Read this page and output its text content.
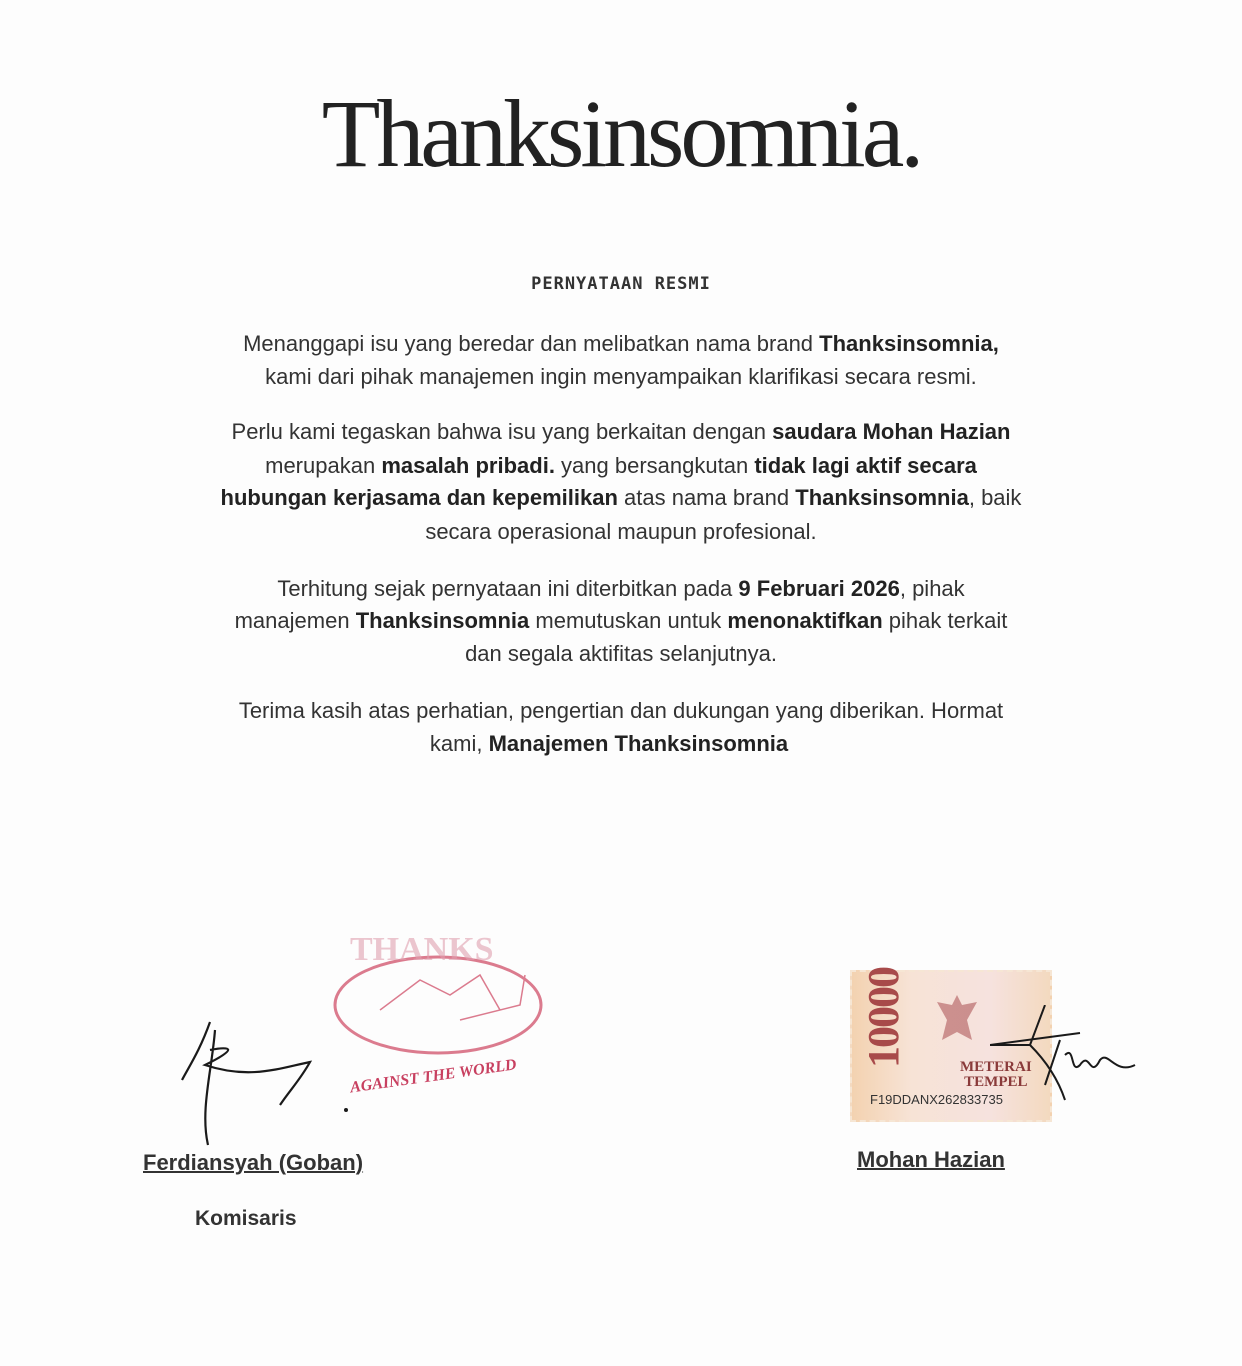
Thanksinsomnia.
PERNYATAAN RESMI
Menanggapi isu yang beredar dan melibatkan nama brand Thanksinsomnia,
kami dari pihak manajemen ingin menyampaikan klarifikasi secara resmi.
Perlu kami tegaskan bahwa isu yang berkaitan dengan saudara Mohan Hazian
merupakan masalah pribadi. yang bersangkutan tidak lagi aktif secara
hubungan kerjasama dan kepemilikan atas nama brand Thanksinsomnia, baik
secara operasional maupun profesional.
Terhitung sejak pernyataan ini diterbitkan pada 9 Februari 2026, pihak
manajemen Thanksinsomnia memutuskan untuk menonaktifkan pihak terkait
dan segala aktifitas selanjutnya.
Terima kasih atas perhatian, pengertian dan dukungan yang diberikan. Hormat
kami, Manajemen Thanksinsomnia
THANKS
AGAINST THE WORLD
Ferdiansyah (Goban)
Komisaris
10000	METERAI
TEMPEL
F19DDANX262833735
Mohan Hazian
